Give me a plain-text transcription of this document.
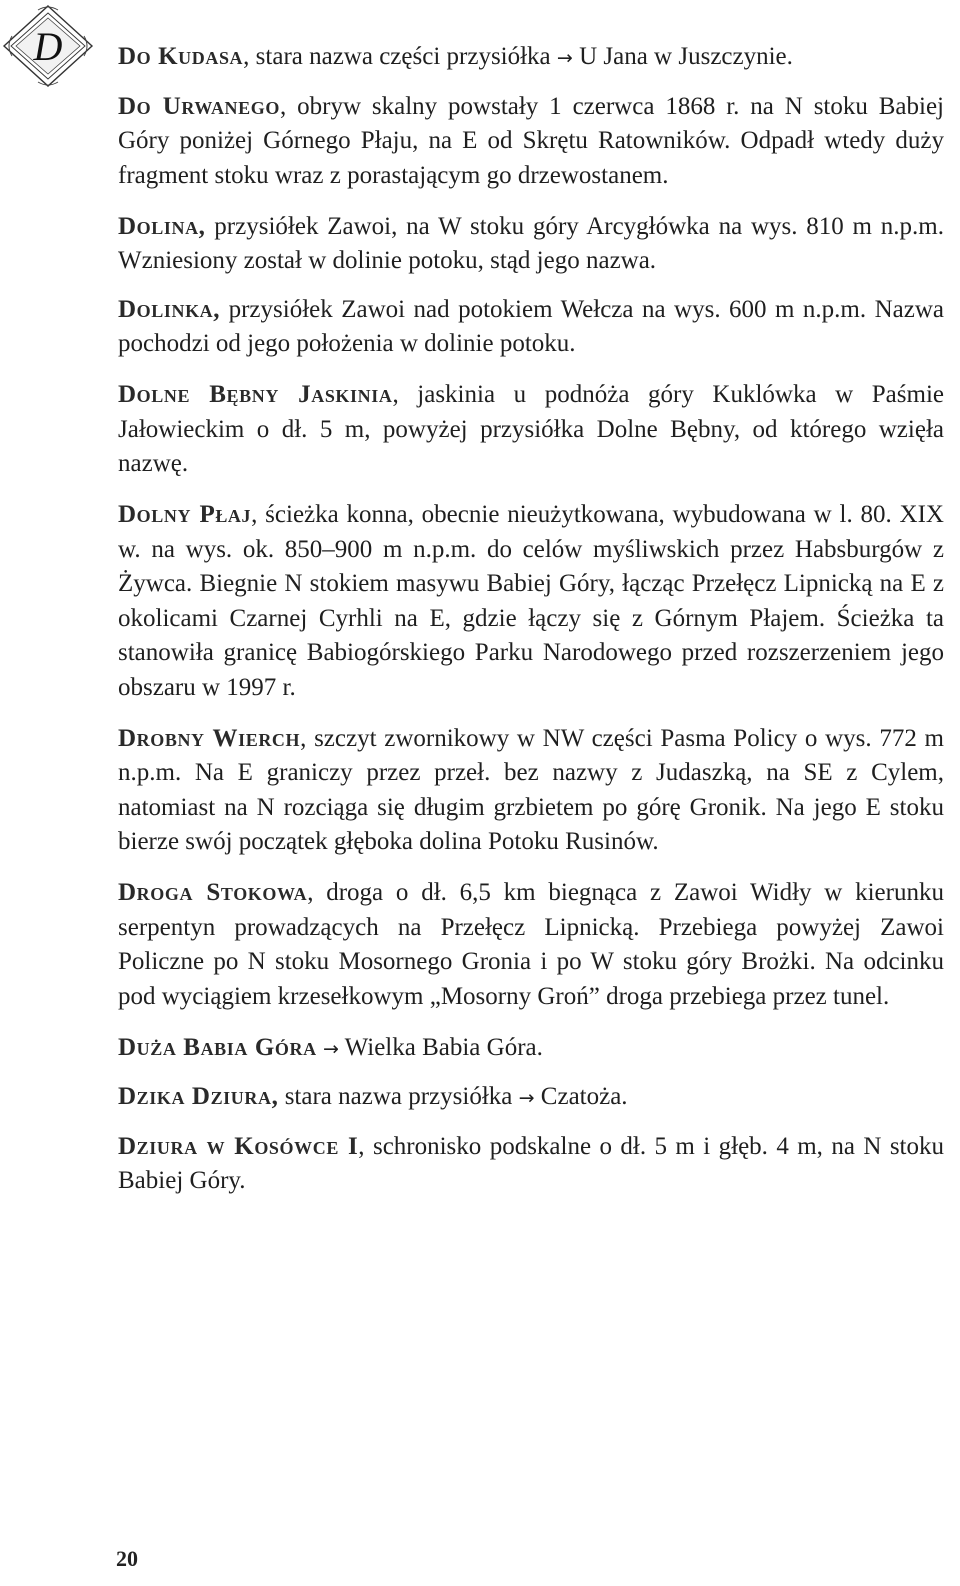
D Do Kudasa, stara nazwa części przysiółka → U Jana w Juszczynie.

Do Urwanego, obryw skalny powstały 1 czerwca 1868 r. na N stoku Babiej Góry poniżej Górnego Płaju, na E od Skrętu Ratowników. Odpadł wtedy duży fragment stoku wraz z porastającym go drzewostanem.

Dolina, przysiółek Zawoi, na W stoku góry Arcygłówka na wys. 810 m n.p.m. Wzniesiony został w dolinie potoku, stąd jego nazwa.

Dolinka, przysiółek Zawoi nad potokiem Wełcza na wys. 600 m n.p.m. Nazwa pochodzi od jego położenia w dolinie potoku.

Dolne Bębny Jaskinia, jaskinia u podnóża góry Kuklówka w Paśmie Jałowieckim o dł. 5 m, powyżej przysiółka Dolne Bębny, od którego wzięła nazwę.

Dolny Płaj, ścieżka konna, obecnie nieużytkowana, wybudowana w l. 80. XIX w. na wys. ok. 850–900 m n.p.m. do celów myśliwskich przez Habsburgów z Żywca. Biegnie N stokiem masywu Babiej Góry, łącząc Przełęcz Lipnicką na E z okolicami Czarnej Cyrhli na E, gdzie łączy się z Górnym Płajem. Ścieżka ta stanowiła granicę Babiogórskiego Parku Narodowego przed rozszerzeniem jego obszaru w 1997 r.

Drobny Wierch, szczyt zwornikowy w NW części Pasma Policy o wys. 772 m n.p.m. Na E graniczy przez przeł. bez nazwy z Judaszką, na SE z Cylem, natomiast na N rozciąga się długim grzbietem po górę Gronik. Na jego E stoku bierze swój początek głęboka dolina Potoku Rusinów.

Droga Stokowa, droga o dł. 6,5 km biegnąca z Zawoi Widły w kierunku serpentyn prowadzących na Przełęcz Lipnicką. Przebiega powyżej Zawoi Policzne po N stoku Mosornego Gronia i po W stoku góry Brożki. Na odcinku pod wyciągiem krzesełkowym „Mosorny Groń” droga przebiega przez tunel.

Duża Babia Góra → Wielka Babia Góra.

Dzika Dziura, stara nazwa przysiółka → Czatoża.

Dziura w Kosówce I, schronisko podskalne o dł. 5 m i głęb. 4 m, na N stoku Babiej Góry.

20
